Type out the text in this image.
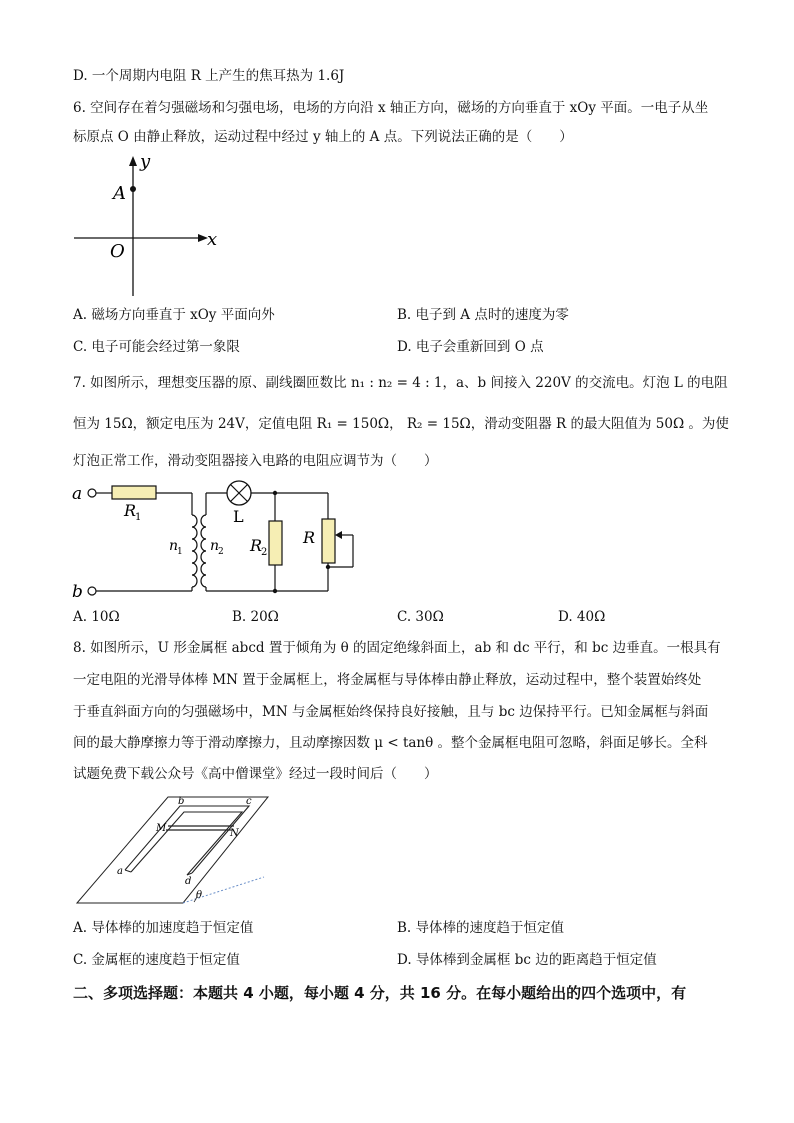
D. 一个周期内电阻 R 上产生的焦耳热为 1.6J
6. 空间存在着匀强磁场和匀强电场，电场的方向沿 x 轴正方向，磁场的方向垂直于 xOy 平面。一电子从坐
标原点 O 由静止释放，运动过程中经过 y 轴上的 A 点。下列说法正确的是（　　）
y
A
x
O
A. 磁场方向垂直于 xOy 平面向外	B. 电子到 A 点时的速度为零
C. 电子可能会经过第一象限	D. 电子会重新回到 O 点
7. 如图所示，理想变压器的原、副线圈匝数比 n₁ : n₂ = 4 : 1，a、b 间接入 220V 的交流电。灯泡 L 的电阻
恒为 15Ω，额定电压为 24V，定值电阻 R₁ = 150Ω， R₂ = 15Ω，滑动变阻器 R 的最大阻值为 50Ω 。为使
灯泡正常工作，滑动变阻器接入电路的电阻应调节为（　　）
a
b
R
1
n
1 n
2
L
R
2
R
A. 10Ω	B. 20Ω	C. 30Ω	D. 40Ω
8. 如图所示，U 形金属框 abcd 置于倾角为 θ 的固定绝缘斜面上，ab 和 dc 平行，和 bc 边垂直。一根具有
一定电阻的光滑导体棒 MN 置于金属框上，将金属框与导体棒由静止释放，运动过程中，整个装置始终处
于垂直斜面方向的匀强磁场中，MN 与金属框始终保持良好接触，且与 bc 边保持平行。已知金属框与斜面
间的最大静摩擦力等于滑动摩擦力，且动摩擦因数 μ < tanθ 。整个金属框电阻可忽略，斜面足够长。全科
试题免费下载公众号《高中僧课堂》经过一段时间后（　　）
a
b	c
d
M	N
θ
A. 导体棒的加速度趋于恒定值	B. 导体棒的速度趋于恒定值
C. 金属框的速度趋于恒定值	D. 导体棒到金属框 bc 边的距离趋于恒定值
二、多项选择题：本题共 4 小题，每小题 4 分，共 16 分。在每小题给出的四个选项中，有
